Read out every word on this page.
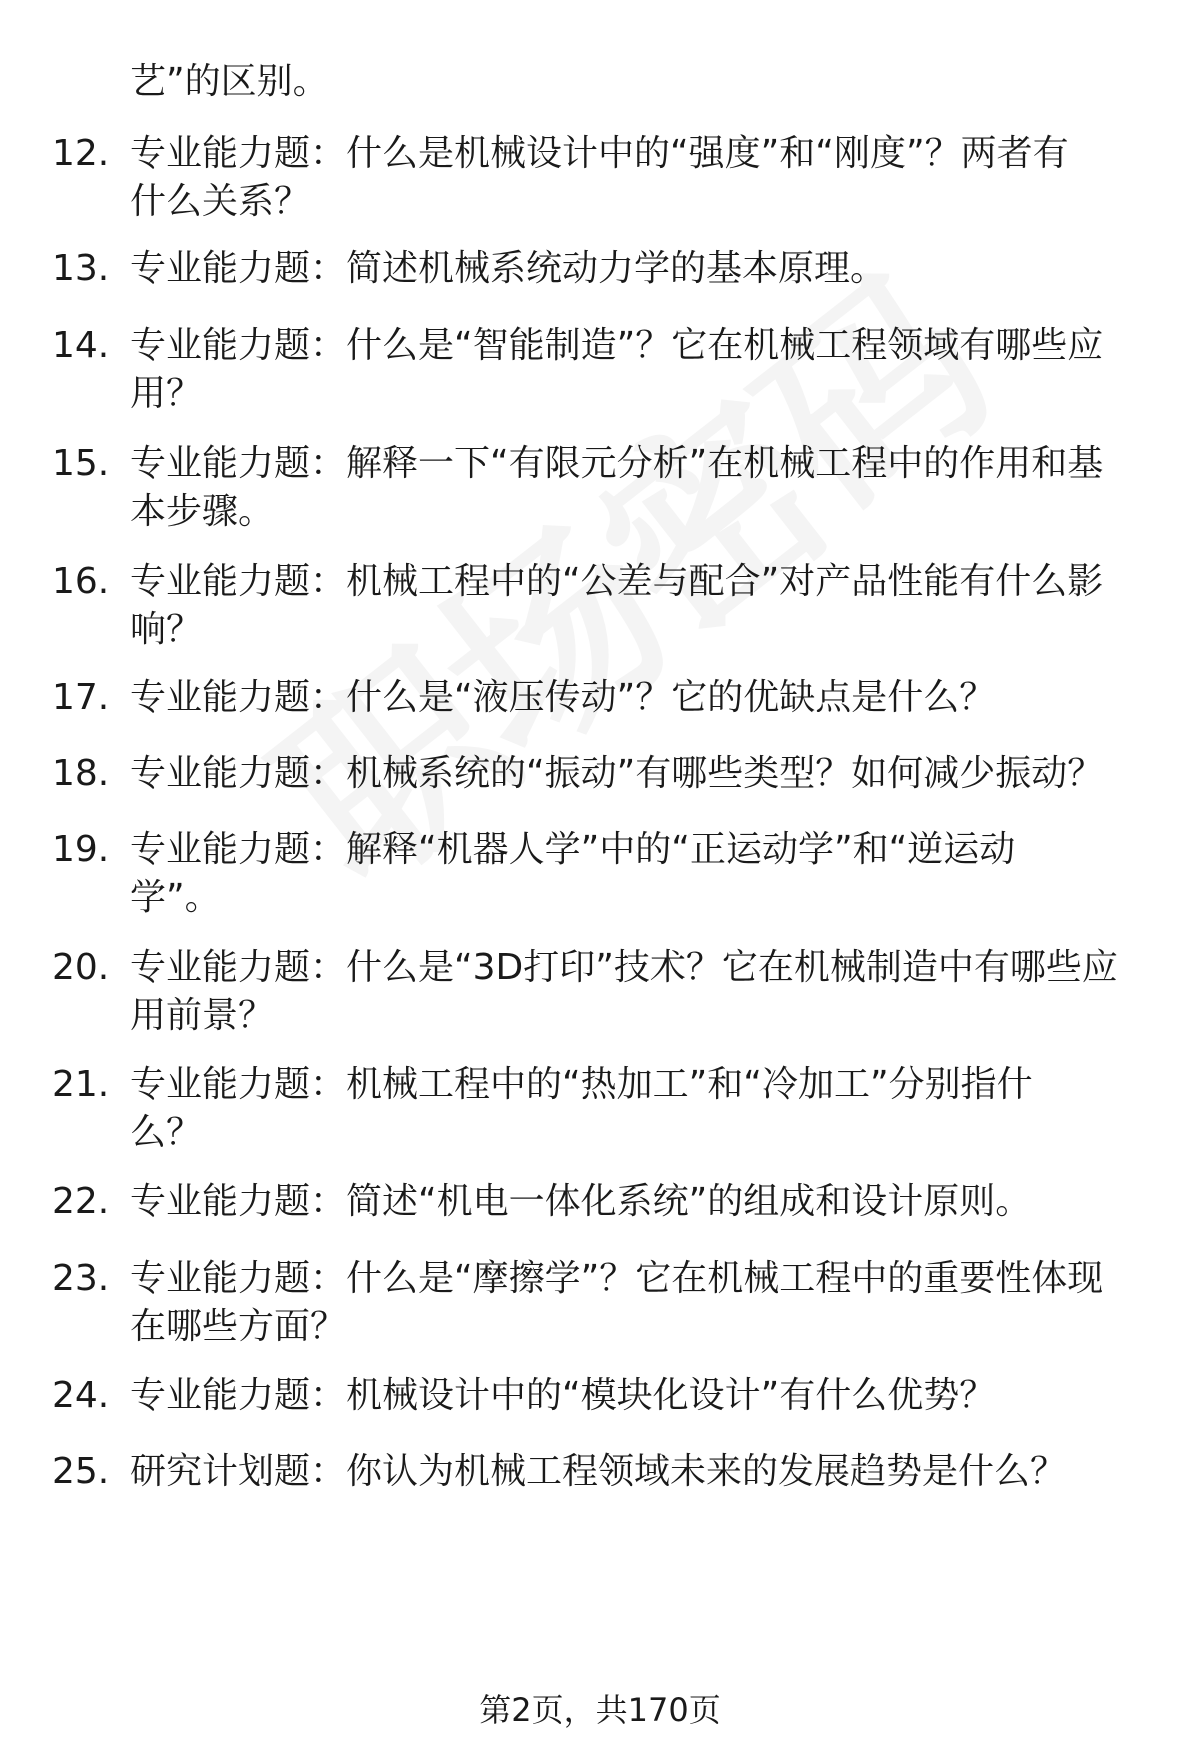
艺”的区别。
12. 专业能力题：什么是机械设计中的“强度”和“刚度”？两者有
什么关系？
13. 专业能力题：简述机械系统动力学的基本原理。
14. 专业能力题：什么是“智能制造”？它在机械工程领域有哪些应
用？
15. 专业能力题：解释一下“有限元分析”在机械工程中的作用和基
本步骤。
16. 专业能力题：机械工程中的“公差与配合”对产品性能有什么影
响？
17. 专业能力题：什么是“液压传动”？它的优缺点是什么？
18. 专业能力题：机械系统的“振动”有哪些类型？如何减少振动？
19. 专业能力题：解释“机器人学”中的“正运动学”和“逆运动
学”。
20. 专业能力题：什么是“3D打印”技术？它在机械制造中有哪些应
用前景？
21. 专业能力题：机械工程中的“热加工”和“冷加工”分别指什
么？
22. 专业能力题：简述“机电一体化系统”的组成和设计原则。
23. 专业能力题：什么是“摩擦学”？它在机械工程中的重要性体现
在哪些方面？
24. 专业能力题：机械设计中的“模块化设计”有什么优势？
25. 研究计划题：你认为机械工程领域未来的发展趋势是什么？
第2页，共170页
